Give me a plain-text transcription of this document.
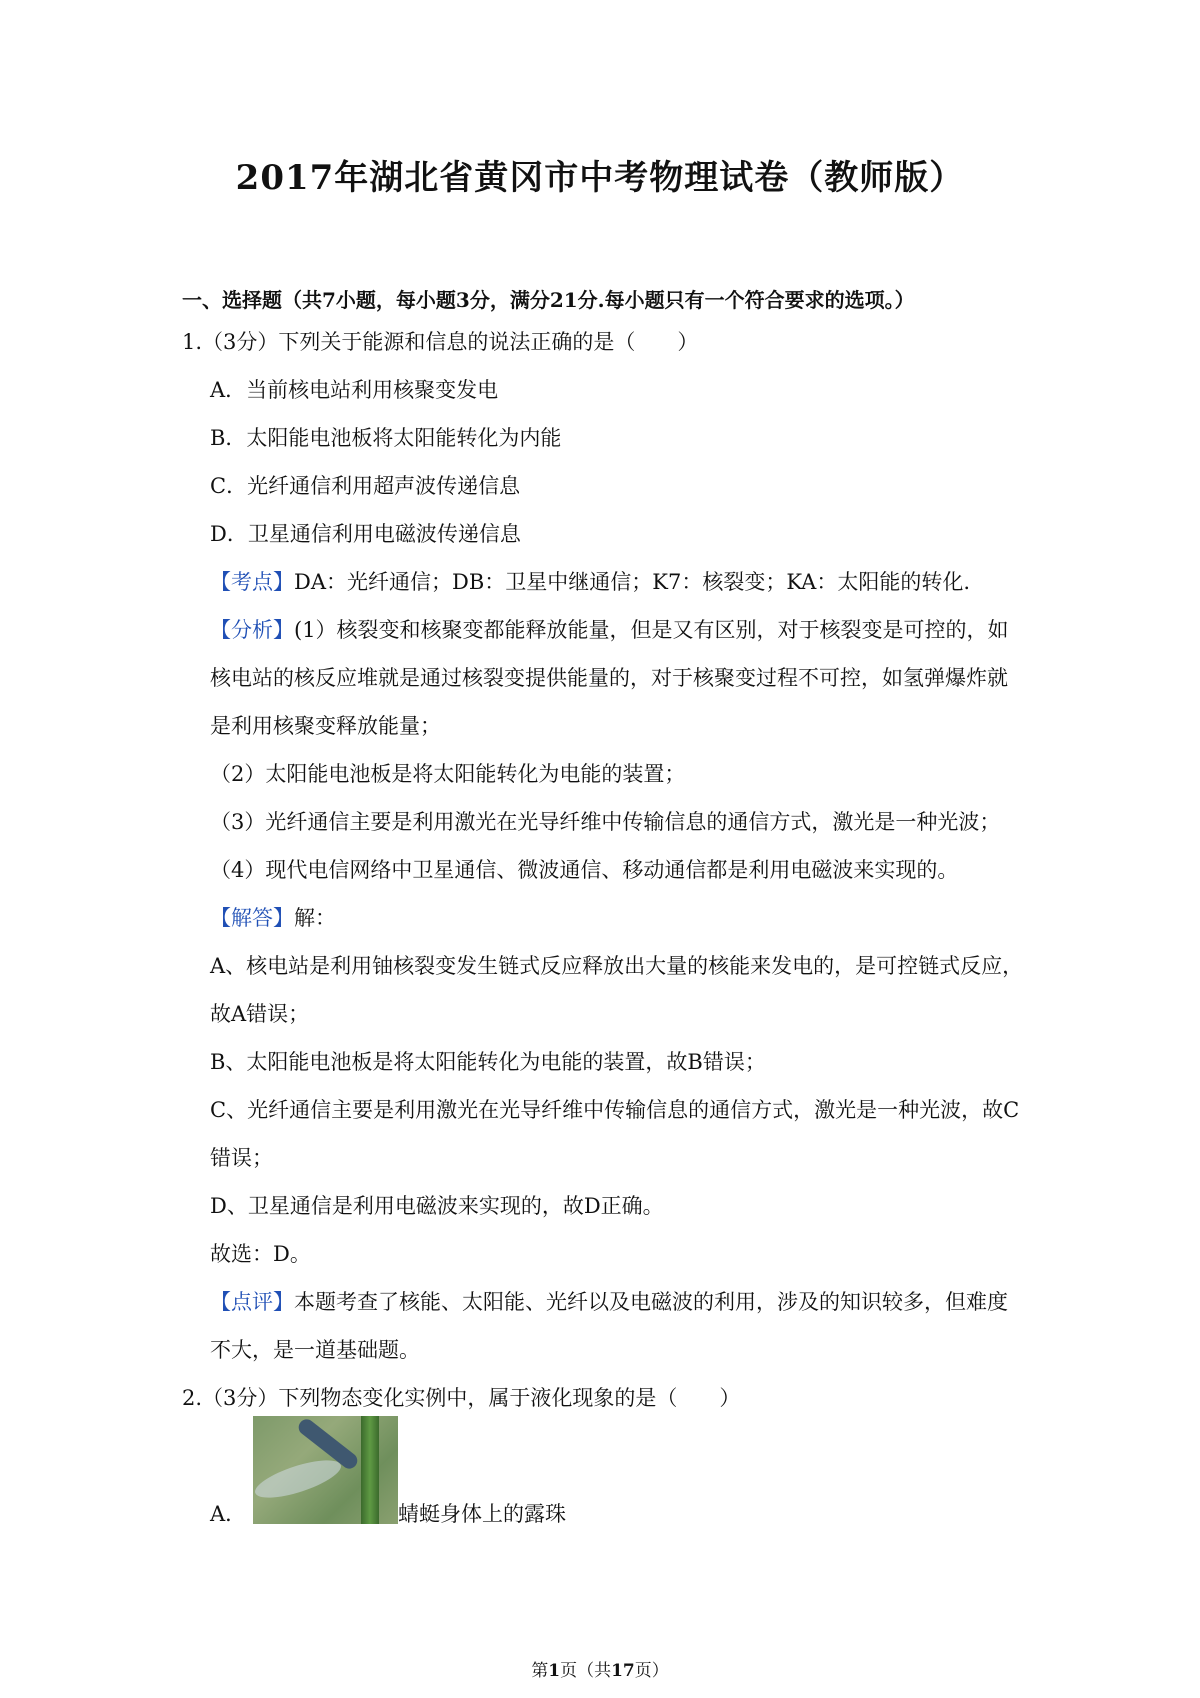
2017年湖北省黄冈市中考物理试卷（教师版）
一、选择题（共7小题，每小题3分，满分21分.每小题只有一个符合要求的选项。）
1.（3分）下列关于能源和信息的说法正确的是（　　）
A．当前核电站利用核聚变发电
B．太阳能电池板将太阳能转化为内能
C．光纤通信利用超声波传递信息
D．卫星通信利用电磁波传递信息
【考点】DA：光纤通信；DB：卫星中继通信；K7：核裂变；KA：太阳能的转化.
【分析】(1）核裂变和核聚变都能释放能量，但是又有区别，对于核裂变是可控的，如
核电站的核反应堆就是通过核裂变提供能量的，对于核聚变过程不可控，如氢弹爆炸就
是利用核聚变释放能量；
（2）太阳能电池板是将太阳能转化为电能的装置；
（3）光纤通信主要是利用激光在光导纤维中传输信息的通信方式，激光是一种光波；
（4）现代电信网络中卫星通信、微波通信、移动通信都是利用电磁波来实现的。
【解答】解：
A、核电站是利用铀核裂变发生链式反应释放出大量的核能来发电的，是可控链式反应，
故A错误；
B、太阳能电池板是将太阳能转化为电能的装置，故B错误；
C、光纤通信主要是利用激光在光导纤维中传输信息的通信方式，激光是一种光波，故C
错误；
D、卫星通信是利用电磁波来实现的，故D正确。
故选：D。
【点评】本题考查了核能、太阳能、光纤以及电磁波的利用，涉及的知识较多，但难度
不大，是一道基础题。
2.（3分）下列物态变化实例中，属于液化现象的是（　　）
A．	蜻蜓身体上的露珠
第1页（共17页）
